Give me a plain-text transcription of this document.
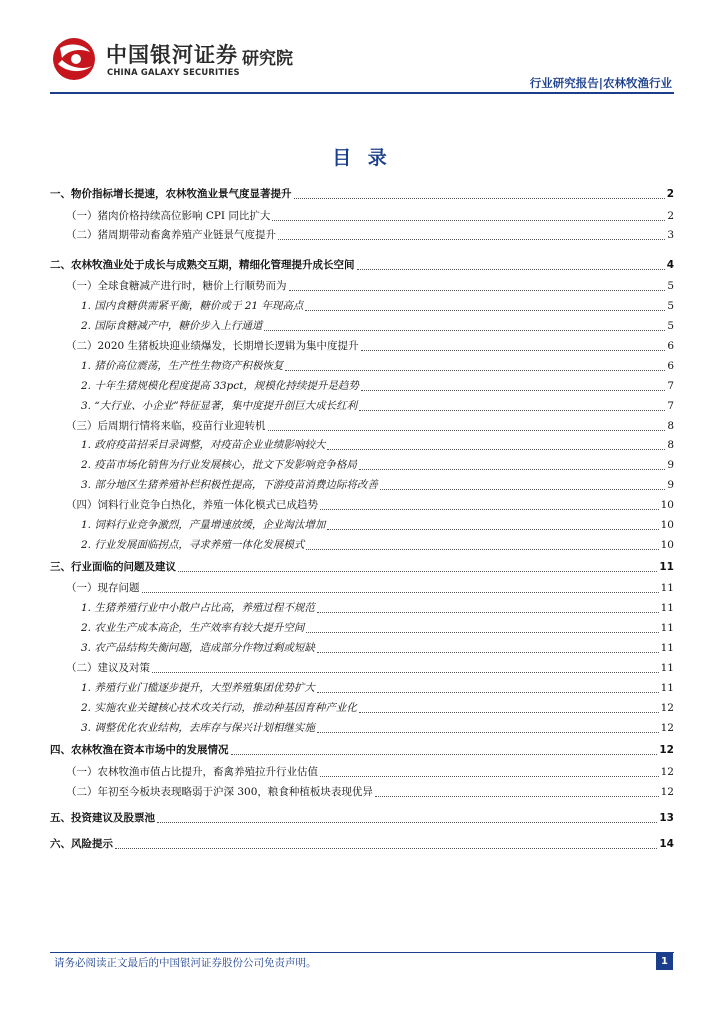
中国银河证券
CHINA GALAXY SECURITIES
研究院
行业研究报告|农林牧渔行业
目 录
一、物价指标增长提速，农林牧渔业景气度显著提升	2
（一）猪肉价格持续高位影响 CPI 同比扩大	2
（二）猪周期带动畜禽养殖产业链景气度提升	3
二、农林牧渔业处于成长与成熟交互期，精细化管理提升成长空间	4
（一）全球食糖减产进行时，糖价上行顺势而为	5
1. 国内食糖供需紧平衡，糖价或于 21 年现高点	5
2. 国际食糖减产中，糖价步入上行通道	5
（二）2020 生猪板块迎业绩爆发，长期增长逻辑为集中度提升	6
1. 猪价高位震荡，生产性生物资产积极恢复	6
2. 十年生猪规模化程度提高 33pct，规模化持续提升是趋势	7
3. “大行业、小企业”特征显著，集中度提升创巨大成长红利	7
（三）后周期行情将来临，疫苗行业迎转机	8
1. 政府疫苗招采目录调整，对疫苗企业业绩影响较大	8
2. 疫苗市场化销售为行业发展核心，批文下发影响竞争格局	9
3. 部分地区生猪养殖补栏积极性提高，下游疫苗消费边际将改善	9
（四）饲料行业竞争白热化，养殖一体化模式已成趋势	10
1. 饲料行业竞争激烈，产量增速放缓，企业淘汰增加	10
2. 行业发展面临拐点，寻求养殖一体化发展模式	10
三、行业面临的问题及建议	11
（一）现存问题	11
1. 生猪养殖行业中小散户占比高，养殖过程不规范	11
2. 农业生产成本高企，生产效率有较大提升空间	11
3. 农产品结构失衡问题，造成部分作物过剩或短缺	11
（二）建议及对策	11
1. 养殖行业门槛逐步提升，大型养殖集团优势扩大	11
2. 实施农业关键核心技术攻关行动，推动种基因育种产业化	12
3. 调整优化农业结构，去库存与保兴计划相继实施	12
四、农林牧渔在资本市场中的发展情况	12
（一）农林牧渔市值占比提升，畜禽养殖拉升行业估值	12
（二）年初至今板块表现略弱于沪深 300，粮食种植板块表现优异	12
五、投资建议及股票池	13
六、风险提示	14
请务必阅读正文最后的中国银河证券股份公司免责声明。	1
